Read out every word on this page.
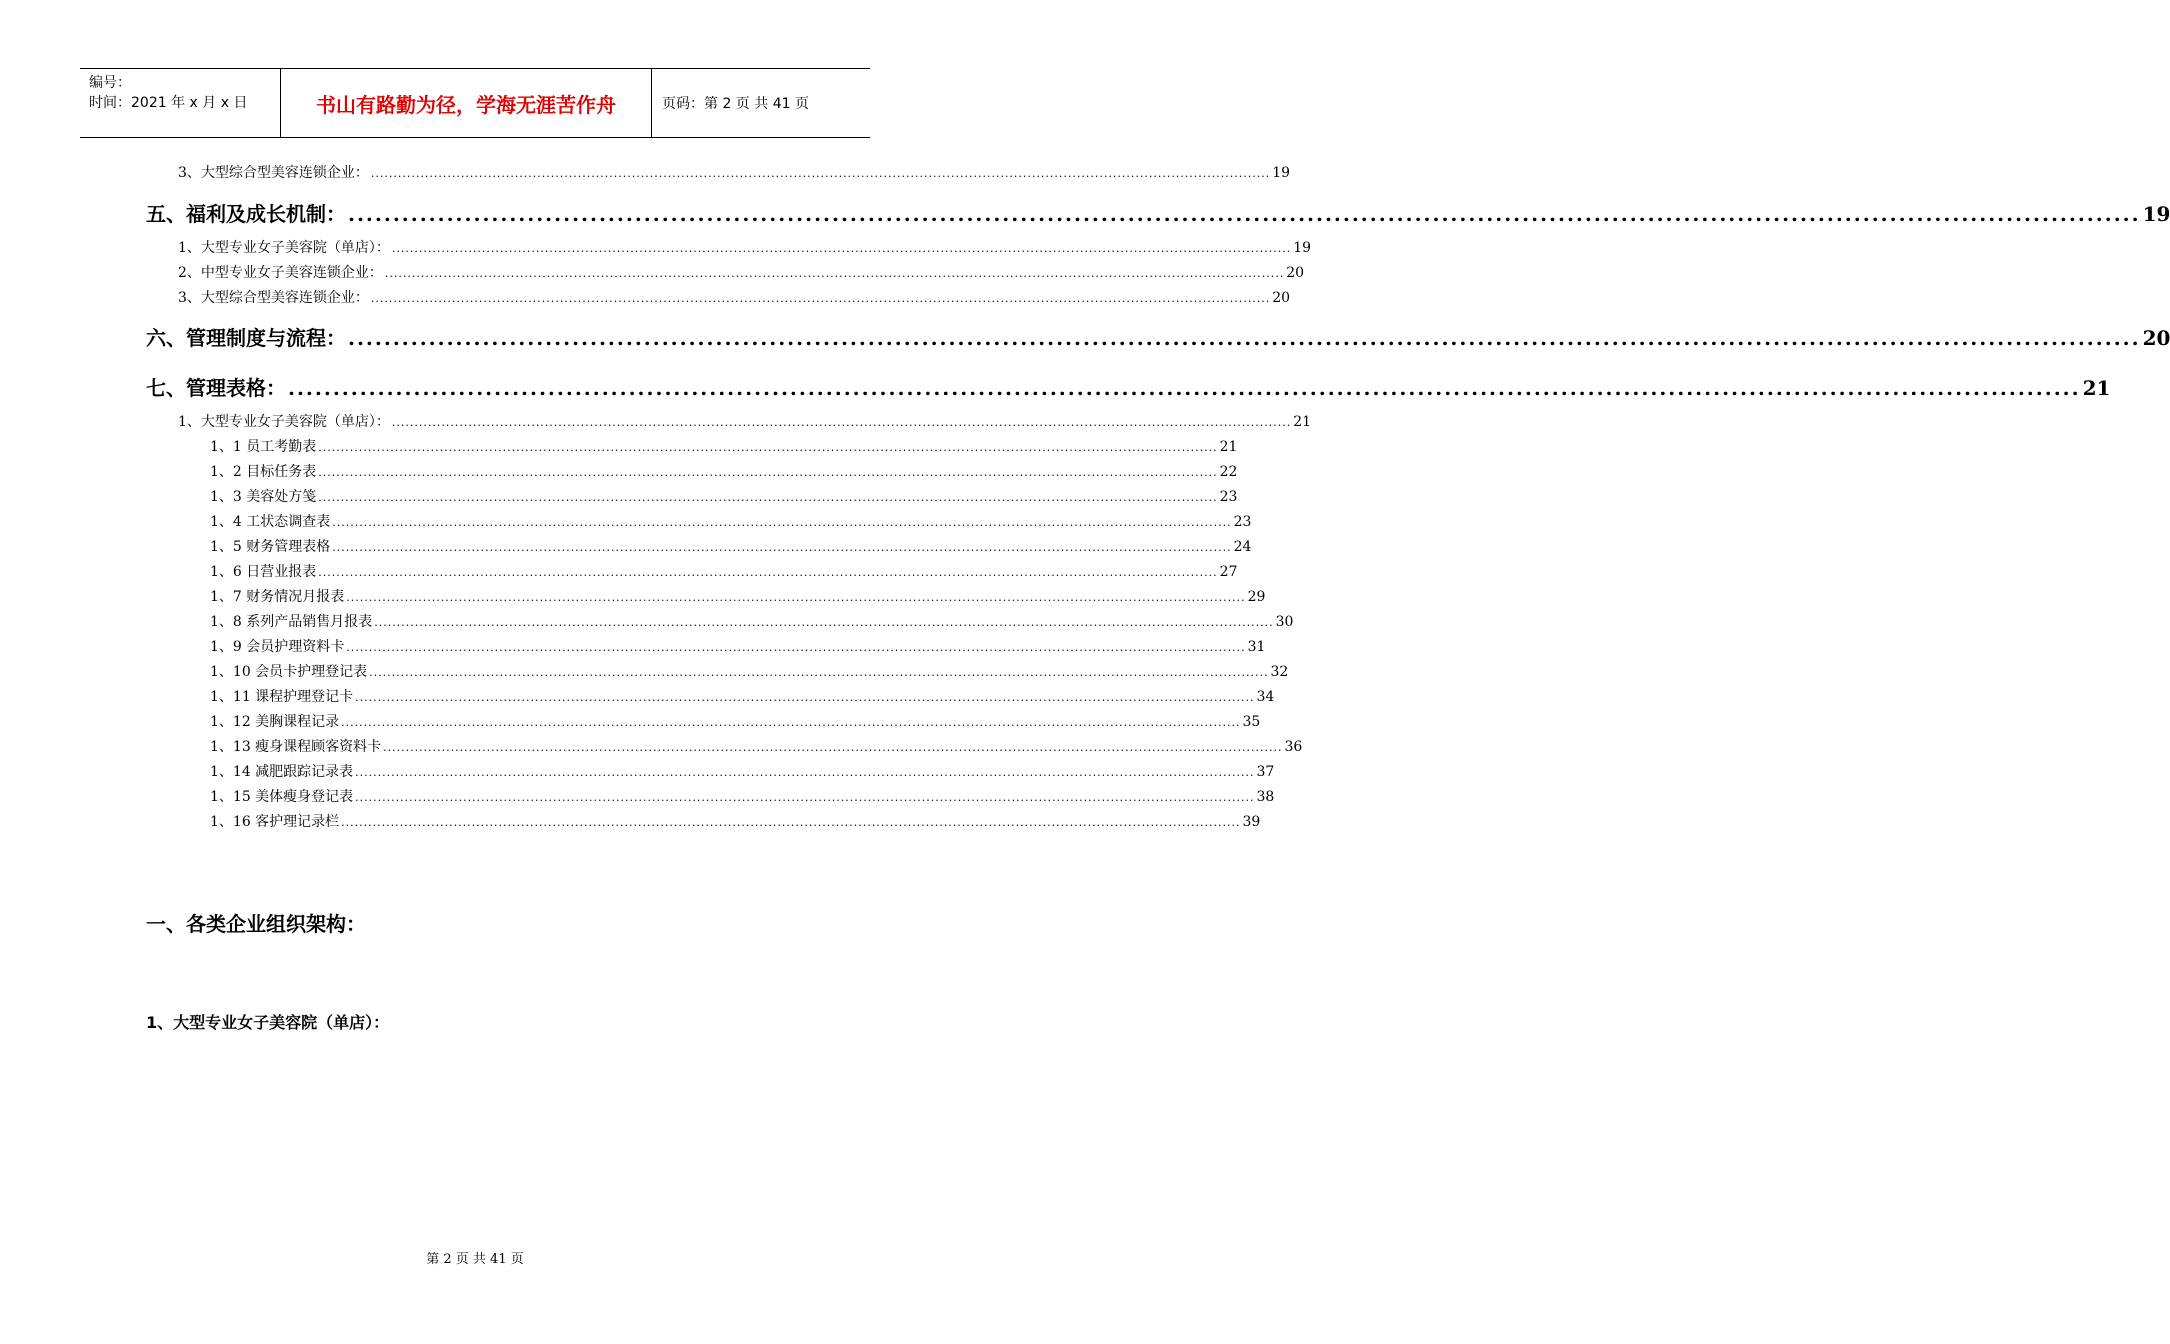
编号：
时间：2021 年 x 月 x 日	书山有路勤为径，学海无涯苦作舟	页码：第 2 页 共 41 页
3、大型综合型美容连锁企业： ........................................................................................................................................................................................................ 19
五、福利及成长机制： ........................................................................................................................................................................................................ 19
1、大型专业女子美容院（单店）： ........................................................................................................................................................................................................ 19
2、中型专业女子美容连锁企业： ........................................................................................................................................................................................................ 20
3、大型综合型美容连锁企业： ........................................................................................................................................................................................................ 20
六、管理制度与流程： ........................................................................................................................................................................................................ 20
七、管理表格： ........................................................................................................................................................................................................ 21
1、大型专业女子美容院（单店）： ........................................................................................................................................................................................................ 21
1、1 员工考勤表 ........................................................................................................................................................................................................ 21
1、2 目标任务表 ........................................................................................................................................................................................................ 22
1、3 美容处方笺 ........................................................................................................................................................................................................ 23
1、4 工状态调查表 ........................................................................................................................................................................................................ 23
1、5 财务管理表格 ........................................................................................................................................................................................................ 24
1、6 日营业报表 ........................................................................................................................................................................................................ 27
1、7 财务情况月报表 ........................................................................................................................................................................................................ 29
1、8 系列产品销售月报表 ........................................................................................................................................................................................................ 30
1、9 会员护理资料卡 ........................................................................................................................................................................................................ 31
1、10 会员卡护理登记表 ........................................................................................................................................................................................................ 32
1、11 课程护理登记卡 ........................................................................................................................................................................................................ 34
1、12 美胸课程记录 ........................................................................................................................................................................................................ 35
1、13 瘦身课程顾客资料卡 ........................................................................................................................................................................................................ 36
1、14 减肥跟踪记录表 ........................................................................................................................................................................................................ 37
1、15 美体瘦身登记表 ........................................................................................................................................................................................................ 38
1、16 客护理记录栏 ........................................................................................................................................................................................................ 39
一、各类企业组织架构：
1、大型专业女子美容院（单店）：
第 2 页 共 41 页
